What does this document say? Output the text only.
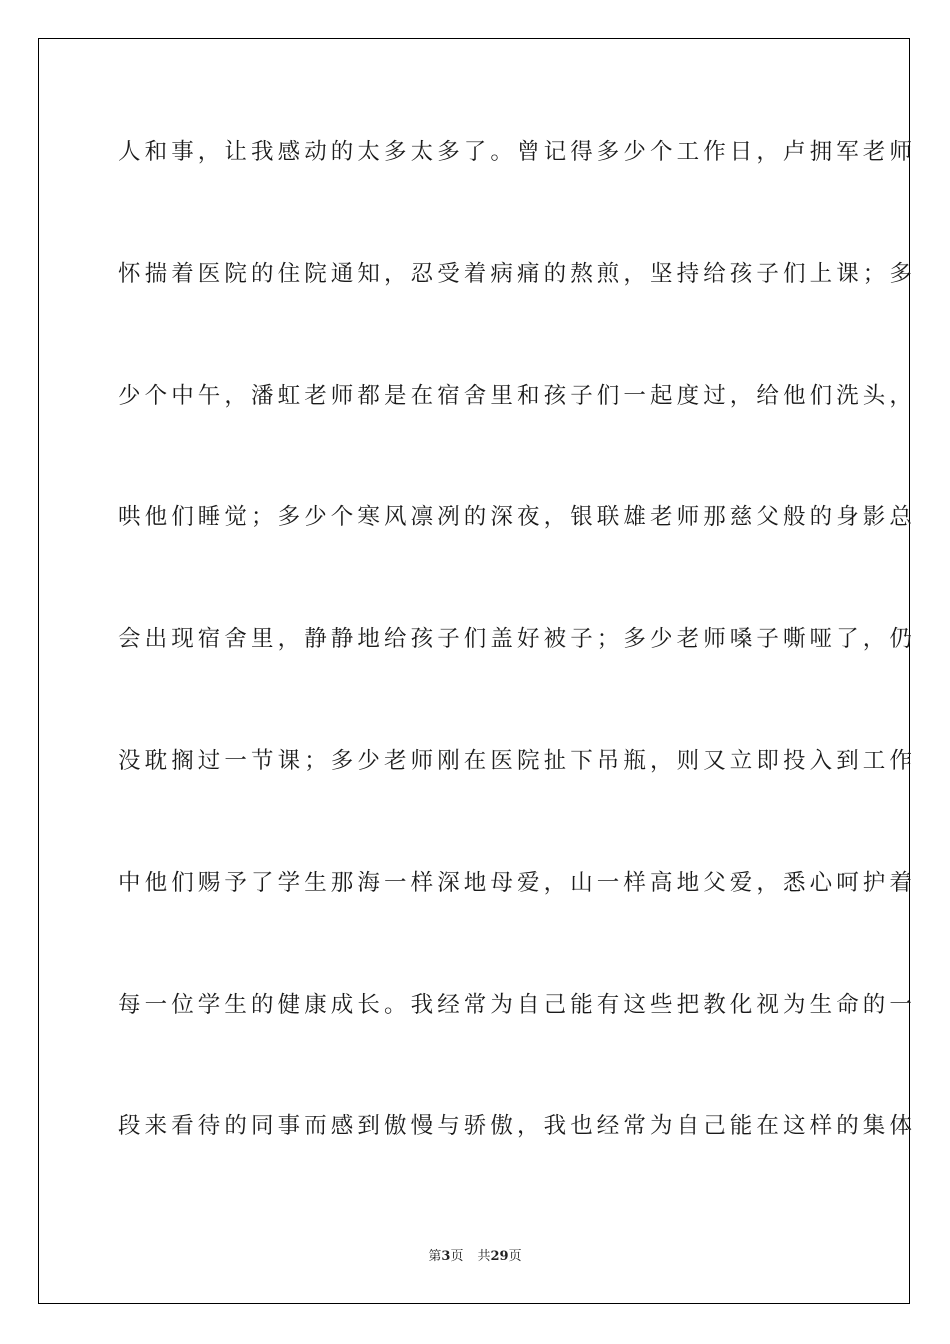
人和事，让我感动的太多太多了。曾记得多少个工作日，卢拥军老师
怀揣着医院的住院通知，忍受着病痛的熬煎，坚持给孩子们上课；多
少个中午，潘虹老师都是在宿舍里和孩子们一起度过，给他们洗头，
哄他们睡觉；多少个寒风凛冽的深夜，银联雄老师那慈父般的身影总
会出现宿舍里，静静地给孩子们盖好被子；多少老师嗓子嘶哑了，仍
没耽搁过一节课；多少老师刚在医院扯下吊瓶，则又立即投入到工作
中他们赐予了学生那海一样深地母爱，山一样高地父爱，悉心呵护着
每一位学生的健康成长。我经常为自己能有这些把教化视为生命的一
段来看待的同事而感到傲慢与骄傲，我也经常为自己能在这样的集体
第3页 共29页
